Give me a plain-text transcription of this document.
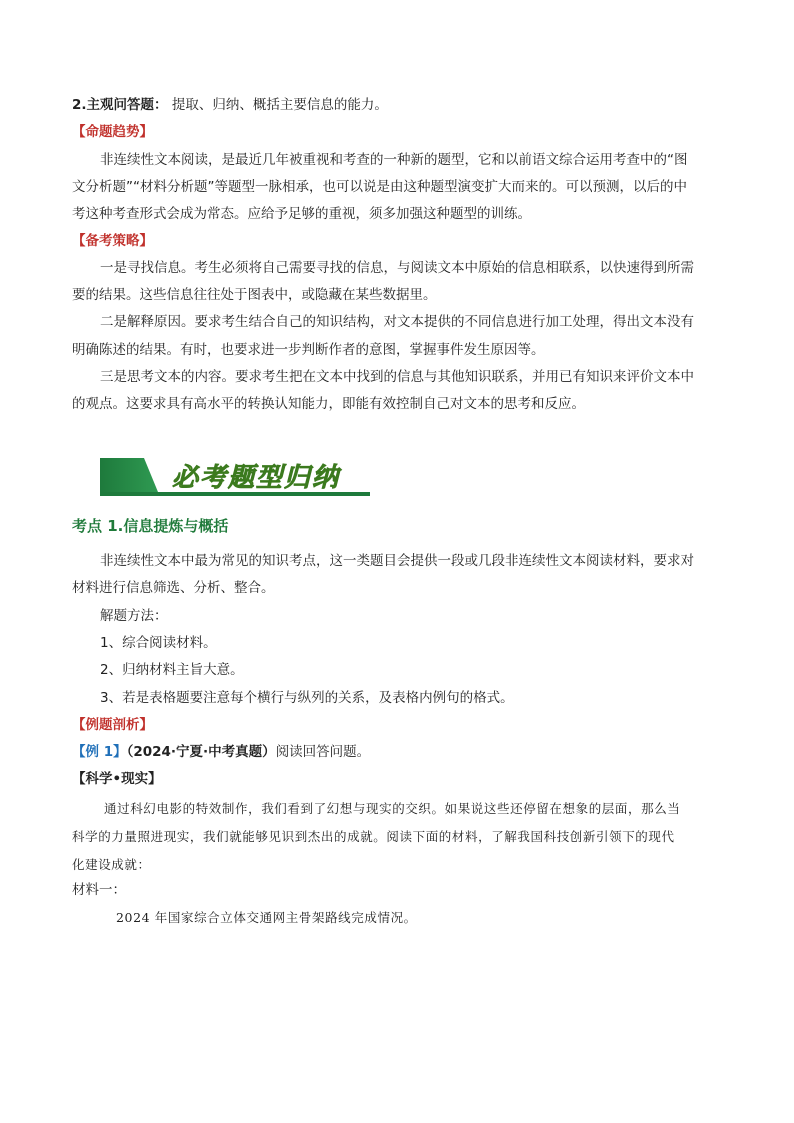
2.主观问答题： 提取、归纳、概括主要信息的能力。
【命题趋势】
非连续性文本阅读，是最近几年被重视和考查的一种新的题型，它和以前语文综合运用考查中的“图
文分析题”“材料分析题”等题型一脉相承，也可以说是由这种题型演变扩大而来的。可以预测，以后的中
考这种考查形式会成为常态。应给予足够的重视，须多加强这种题型的训练。
【备考策略】
一是寻找信息。考生必须将自己需要寻找的信息，与阅读文本中原始的信息相联系，以快速得到所需
要的结果。这些信息往往处于图表中，或隐藏在某些数据里。
二是解释原因。要求考生结合自己的知识结构，对文本提供的不同信息进行加工处理，得出文本没有
明确陈述的结果。有时，也要求进一步判断作者的意图，掌握事件发生原因等。
三是思考文本的内容。要求考生把在文本中找到的信息与其他知识联系，并用已有知识来评价文本中
的观点。这要求具有高水平的转换认知能力，即能有效控制自己对文本的思考和反应。
必考题型归纳
考点 1.信息提炼与概括
非连续性文本中最为常见的知识考点，这一类题目会提供一段或几段非连续性文本阅读材料，要求对
材料进行信息筛选、分析、整合。
解题方法：
1、综合阅读材料。
2、归纳材料主旨大意。
3、若是表格题要注意每个横行与纵列的关系，及表格内例句的格式。
【例题剖析】
【例 1】（2024·宁夏·中考真题）阅读回答问题。
【科学•现实】
通过科幻电影的特效制作，我们看到了幻想与现实的交织。如果说这些还停留在想象的层面，那么当
科学的力量照进现实，我们就能够见识到杰出的成就。阅读下面的材料，了解我国科技创新引领下的现代
化建设成就：
材料一：
2024 年国家综合立体交通网主骨架路线完成情况。
